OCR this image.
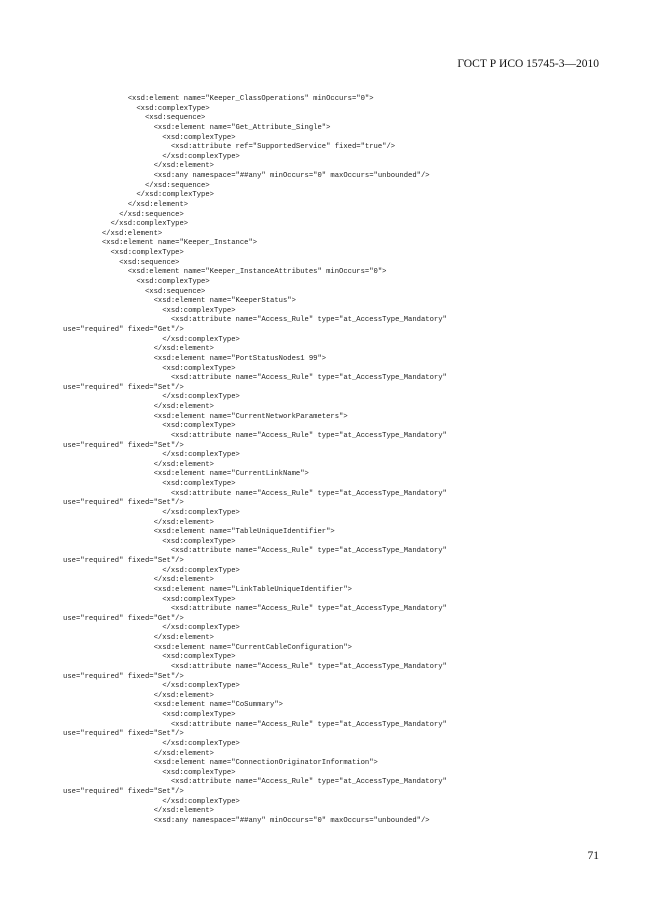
ГОСТ Р ИСО 15745-3—2010
<xsd:element name="Keeper_ClassOperations" minOccurs="0">
<xsd:complexType>
<xsd:sequence>
<xsd:element name="Get_Attribute_Single">
<xsd:complexType>
<xsd:attribute ref="SupportedService" fixed="true"/>
</xsd:complexType>
</xsd:element>
<xsd:any namespace="##any" minOccurs="0" maxOccurs="unbounded"/>
</xsd:sequence>
</xsd:complexType>
</xsd:element>
</xsd:sequence>
</xsd:complexType>
</xsd:element>
<xsd:element name="Keeper_Instance">
<xsd:complexType>
<xsd:sequence>
<xsd:element name="Keeper_InstanceAttributes" minOccurs="0">
<xsd:complexType>
<xsd:sequence>
<xsd:element name="KeeperStatus">
<xsd:complexType>
<xsd:attribute name="Access_Rule" type="at_AccessType_Mandatory"
use="required" fixed="Get"/>
</xsd:complexType>
</xsd:element>
<xsd:element name="PortStatusNodes1 99">
<xsd:complexType>
<xsd:attribute name="Access_Rule" type="at_AccessType_Mandatory"
use="required" fixed="Set"/>
</xsd:complexType>
</xsd:element>
<xsd:element name="CurrentNetworkParameters">
<xsd:complexType>
<xsd:attribute name="Access_Rule" type="at_AccessType_Mandatory"
use="required" fixed="Set"/>
</xsd:complexType>
</xsd:element>
<xsd:element name="CurrentLinkName">
<xsd:complexType>
<xsd:attribute name="Access_Rule" type="at_AccessType_Mandatory"
use="required" fixed="Set"/>
</xsd:complexType>
</xsd:element>
<xsd:element name="TableUniqueIdentifier">
<xsd:complexType>
<xsd:attribute name="Access_Rule" type="at_AccessType_Mandatory"
use="required" fixed="Set"/>
</xsd:complexType>
</xsd:element>
<xsd:element name="LinkTableUniqueIdentifier">
<xsd:complexType>
<xsd:attribute name="Access_Rule" type="at_AccessType_Mandatory"
use="required" fixed="Get"/>
</xsd:complexType>
</xsd:element>
<xsd:element name="CurrentCableConfiguration">
<xsd:complexType>
<xsd:attribute name="Access_Rule" type="at_AccessType_Mandatory"
use="required" fixed="Set"/>
</xsd:complexType>
</xsd:element>
<xsd:element name="CoSummary">
<xsd:complexType>
<xsd:attribute name="Access_Rule" type="at_AccessType_Mandatory"
use="required" fixed="Set"/>
</xsd:complexType>
</xsd:element>
<xsd:element name="ConnectionOriginatorInformation">
<xsd:complexType>
<xsd:attribute name="Access_Rule" type="at_AccessType_Mandatory"
use="required" fixed="Set"/>
</xsd:complexType>
</xsd:element>
<xsd:any namespace="##any" minOccurs="0" maxOccurs="unbounded"/>
71
